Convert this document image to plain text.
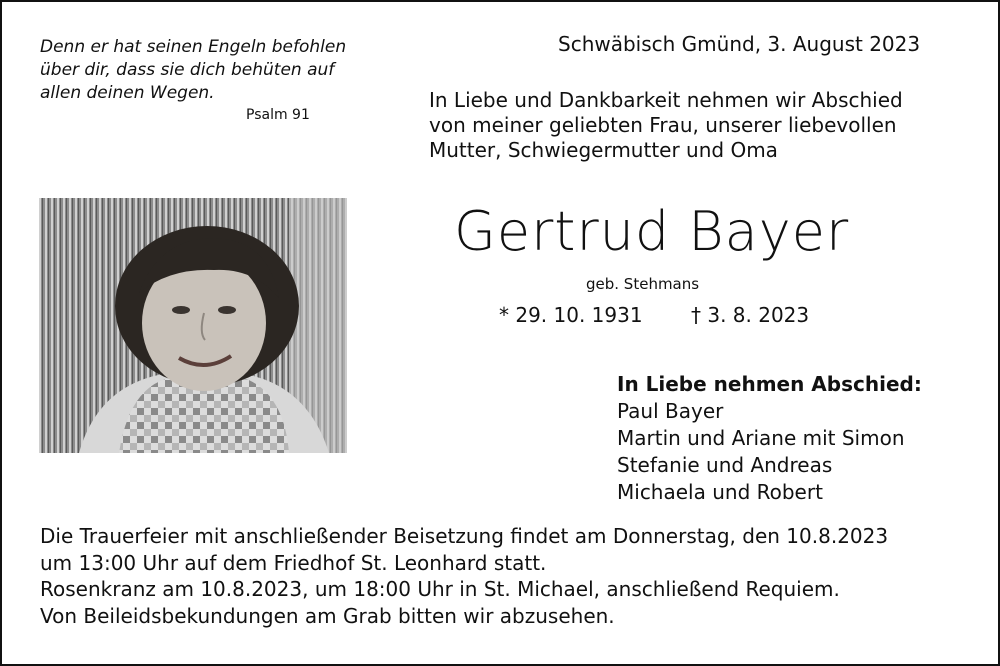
Denn er hat seinen Engeln befohlen
über dir, dass sie dich behüten auf
allen deinen Wegen.
Psalm 91
Schwäbisch Gmünd, 3. August 2023
In Liebe und Dankbarkeit nehmen wir Abschied
von meiner geliebten Frau, unserer liebevollen
Mutter, Schwiegermutter und Oma
Gertrud Bayer
geb. Stehmans
* 29. 10. 1931 † 3. 8. 2023
In Liebe nehmen Abschied:
Paul Bayer
Martin und Ariane mit Simon
Stefanie und Andreas
Michaela und Robert
Die Trauerfeier mit anschließender Beisetzung findet am Donnerstag, den 10.8.2023
um 13:00 Uhr auf dem Friedhof St. Leonhard statt.
Rosenkranz am 10.8.2023, um 18:00 Uhr in St. Michael, anschließend Requiem.
Von Beileidsbekundungen am Grab bitten wir abzusehen.
